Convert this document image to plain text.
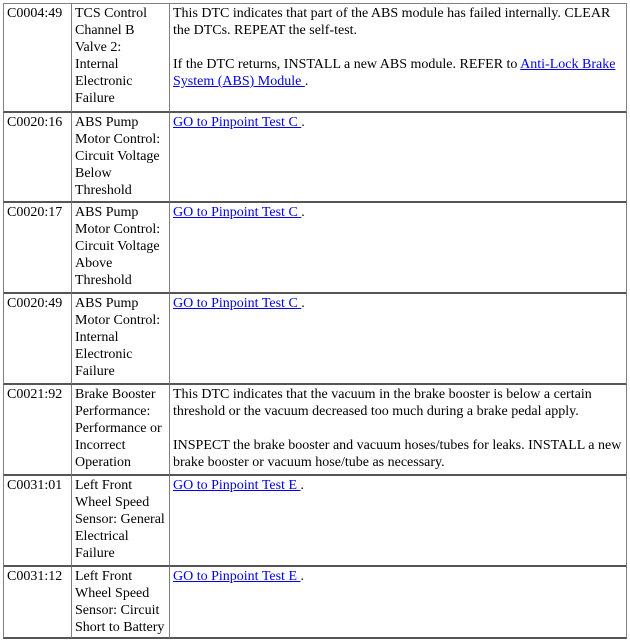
C0004:49	TCS Control Channel B Valve 2: Internal Electronic Failure	This DTC indicates that part of the ABS module has failed internally. CLEAR the DTCs. REPEAT the self-test.
If the DTC returns, INSTALL a new ABS module. REFER to Anti-Lock Brake System (ABS) Module .
C0020:16	ABS Pump Motor Control: Circuit Voltage Below Threshold	GO to Pinpoint Test C .
C0020:17	ABS Pump Motor Control: Circuit Voltage Above Threshold	GO to Pinpoint Test C .
C0020:49	ABS Pump Motor Control: Internal Electronic Failure	GO to Pinpoint Test C .
C0021:92	Brake Booster Performance: Performance or Incorrect Operation	This DTC indicates that the vacuum in the brake booster is below a certain threshold or the vacuum decreased too much during a brake pedal apply.
INSPECT the brake booster and vacuum hoses/tubes for leaks. INSTALL a new brake booster or vacuum hose/tube as necessary.

C0031:01	Left Front Wheel Speed Sensor: General Electrical Failure	GO to Pinpoint Test E .
C0031:12	Left Front Wheel Speed Sensor: Circuit Short to Battery	GO to Pinpoint Test E .
